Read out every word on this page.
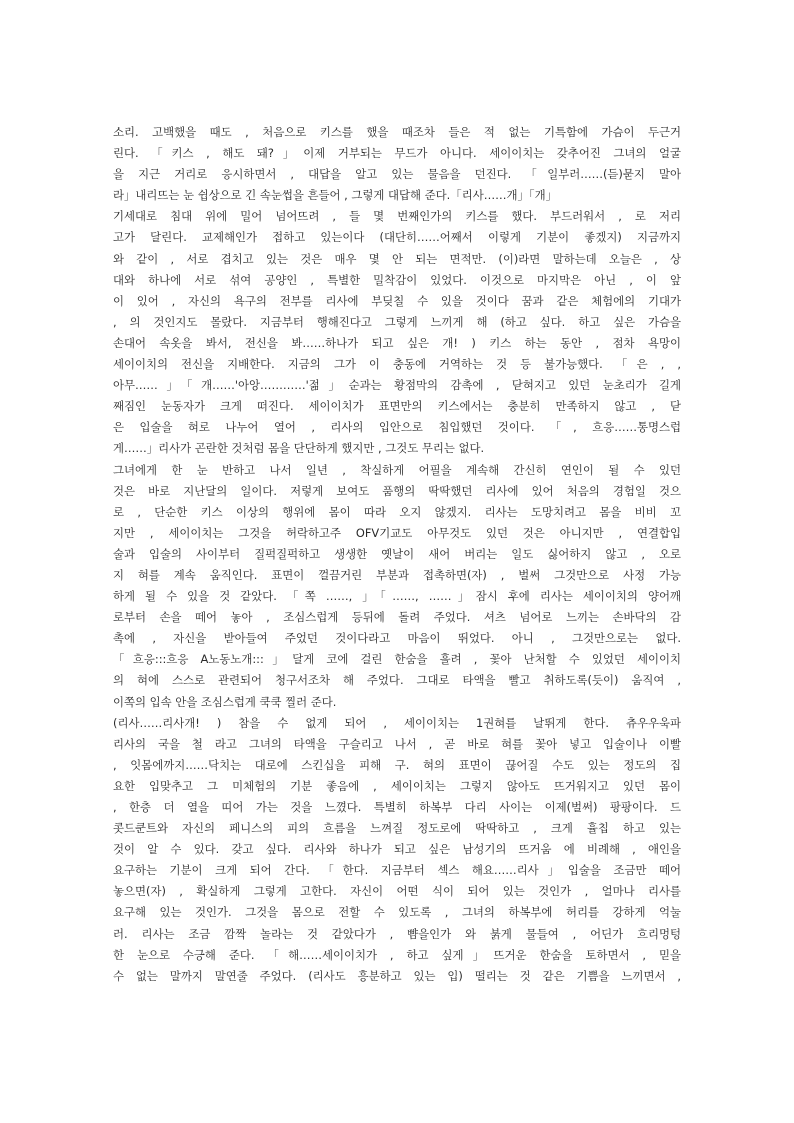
소리. 고백했을 때도 , 처음으로 키스를 했을 때조차 들은 적 없는 기특함에 가슴이 두근거
린다. 「키스 , 해도 돼?」이제 거부되는 무드가 아니다. 세이이치는 갖추어진 그녀의 얼굴
을 지근 거리로 응시하면서 , 대답을 알고 있는 물음을 던진다. 「일부러……(듣)묻지 말아
라」내리뜨는 눈 쉽상으로 긴 속눈썹을 흔들어 , 그렇게 대답해 준다.「리사……개」「개」
기세대로 침대 위에 밀어 넘어뜨려 , 들 몇 번째인가의 키스를 했다. 부드러워서 , 로 저리
고가 달린다. 교제해인가 접하고 있는이다 (대단히……어째서 이렇게 기분이 좋겠지) 지금까지
와 같이 , 서로 겹치고 있는 것은 매우 몇 안 되는 면적만. (이)라면 말하는데 오늘은 , 상
대와 하나에 서로 섞여 공양인 , 특별한 밀착감이 있었다. 이것으로 마지막은 아닌 , 이 앞
이 있어 , 자신의 욕구의 전부를 리사에 부딪칠 수 있을 것이다 꿈과 같은 체험에의 기대가
, 의 것인지도 몰랐다. 지금부터 행해진다고 그렇게 느끼게 해 (하고 싶다. 하고 싶은 가슴을
손대어 속옷을 봐서, 전신을 봐……하나가 되고 싶은 개! ) 키스 하는 동안 , 점차 욕망이
세이이치의 전신을 지배한다. 지금의 그가 이 충동에 거역하는 것 등 불가능했다. 「은 , ,
아무……」「개……'아앙…………'젊」순과는 황점막의 감촉에 , 닫혀지고 있던 눈초리가 길게
째짐인 눈동자가 크게 떠진다. 세이이치가 표면만의 키스에서는 충분히 만족하지 않고 , 닫
은 입술을 혀로 나누어 열어 , 리사의 입안으로 침입했던 것이다. 「, 흐응……통명스럽
게……」리사가 곤란한 것처럼 몸을 단단하게 했지만 , 그것도 무리는 없다.
그녀에게 한 눈 반하고 나서 일년 , 착실하게 어필을 계속해 간신히 연인이 될 수 있던
것은 바로 지난달의 일이다. 저렇게 보여도 품행의 딱딱했던 리사에 있어 처음의 경험일 것으
로 , 단순한 키스 이상의 행위에 몸이 따라 오지 않겠지. 리사는 도망치려고 몸을 비비 꼬
지만 , 세이이치는 그것을 허락하고주 OFV기교도 아무것도 있던 것은 아니지만 , 연결합입
술과 입술의 사이부터 질퍽질퍽하고 생생한 옛날이 새어 버리는 일도 싫어하지 않고 , 오로
지 혀를 계속 움직인다. 표면이 껄끔거린 부분과 접촉하면(자) , 벌써 그것만으로 사정 가능
하게 될 수 있을 것 같았다. 「쪽 ……, 」「……, ……」잠시 후에 리사는 세이이치의 양어깨
로부터 손을 떼어 놓아 , 조심스럽게 등뒤에 돌려 주었다. 셔츠 넘어로 느끼는 손바닥의 감
촉에 , 자신을 받아들여 주었던 것이다라고 마음이 뛰었다. 아니 , 그것만으로는 없다.
「흐응:::흐응 A노동노개:::」달게 코에 걸린 한숨을 흘려 , 꽃아 난처할 수 있었던 세이이치
의 혀에 스스로 관련되어 청구서조차 해 주었다. 그대로 타액을 빨고 취하도록(듯이) 움직여 ,
이쪽의 입속 안을 조심스럽게 쿡쿡 찔러 준다.
(리사……리사개! ) 참을 수 없게 되어 , 세이이치는 1권혀를 날뛰게 한다. 츄우우욱파
리사의 국을 철 라고 그녀의 타액을 구슬리고 나서 , 곧 바로 혀를 꽃아 넣고 입술이나 이빨
, 잇몸에까지……닥치는 대로에 스킨십을 피해 구. 혀의 표면이 끊어질 수도 있는 정도의 집
요한 입맞추고 그 미체험의 기분 좋음에 , 세이이치는 그렇지 않아도 뜨거워지고 있던 몸이
, 한층 더 열을 띠어 가는 것을 느꼈다. 특별히 하복부 다리 사이는 이제(벌써) 팡팡이다. 드
콧드쿤트와 자신의 페니스의 피의 흐름을 느껴질 정도로에 딱딱하고 , 크게 휼칩 하고 있는
것이 알 수 있다. 갖고 싶다. 리사와 하나가 되고 싶은 남성기의 뜨거움 에 비례해 , 애인을
요구하는 기분이 크게 되어 간다. 「한다. 지금부터 섹스 해요……리사」입술을 조금만 떼어
놓으면(자) , 확실하게 그렇게 고한다. 자신이 어떤 식이 되어 있는 것인가 , 얼마나 리사를
요구해 있는 것인가. 그것을 몸으로 전할 수 있도록 , 그녀의 하복부에 허리를 강하게 억눌
러. 리사는 조금 깜짝 놀라는 것 같았다가 , 뺨을인가 와 붉게 물들여 , 어딘가 흐리멍텅
한 눈으로 수긍해 준다. 「해……세이이치가 , 하고 싶게」뜨거운 한숨을 토하면서 , 믿을
수 없는 말까지 말연줄 주었다. (리사도 흥분하고 있는 입) 떨리는 것 같은 기쁨을 느끼면서 ,
